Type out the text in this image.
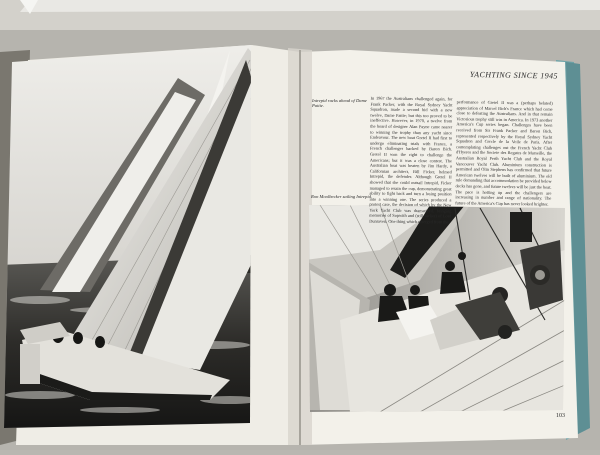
YACHTING SINCE 1945
Intrepid racks ahead of Dame Pattie.
Ron Moolbecker sailing Intrepid.
In 1967 the Australians challenged again, for Frank Packer, with the Royal Sydney Yacht Squadron, made a second bid with a new twelve, Dame Pattie; but this too proved to be ineffective. However, in 1970, a twelve from the board of designer Alan Payne came nearer to winning the trophy than any yacht since Endeavour. The new boat Gretel II had first to undergo eliminating trials with France, a French challenger backed by Baron Bich. Gretel II won the right to challenge the Americans; but it was a close contest. The Australian boat was beaten by Jim Hardy, a Californian architect, Bill Ficker, helmed Intrepid, the defender. Although Gretel II showed that she could outsail Intrepid, Ficker managed to retain the cup, demonstrating great ability to fight back and turn a losing position into a winning one. The series produced a protest case, the decision of which by the New York Yacht Club was dramatized, bringing memories of Sopwith and (still earlier) of Lord Dunraven. One thing which emerged from the
performance of Gretel II was a (perhaps belated) appreciation of Marcel Bich's France which had come close to defeating the Australians. And in that remain Victorious trophy still was in America. In 1973 another America's Cup series began. Challenges have been received from Sir Frank Packer and Baron Bich, represented respectively by the Royal Sydney Yacht Squadron and Cercle de la Voile de Paris. After contemplating challenges out the French Yacht Club d'Hyeres and the Societe des Regates de Marseille, the Australian Royal Perth Yacht Club and the Royal Vancouver Yacht Club. Aluminium construction is permitted and Olin Stephens has confirmed that future American twelves will be built of aluminium. The old rule demanding that accommodation be provided below decks has gone, and future twelves will be just the boat. The pace is hotting up and the challengers are increasing in number and range of nationality. The future of the America's Cup has never looked brighter.
103
